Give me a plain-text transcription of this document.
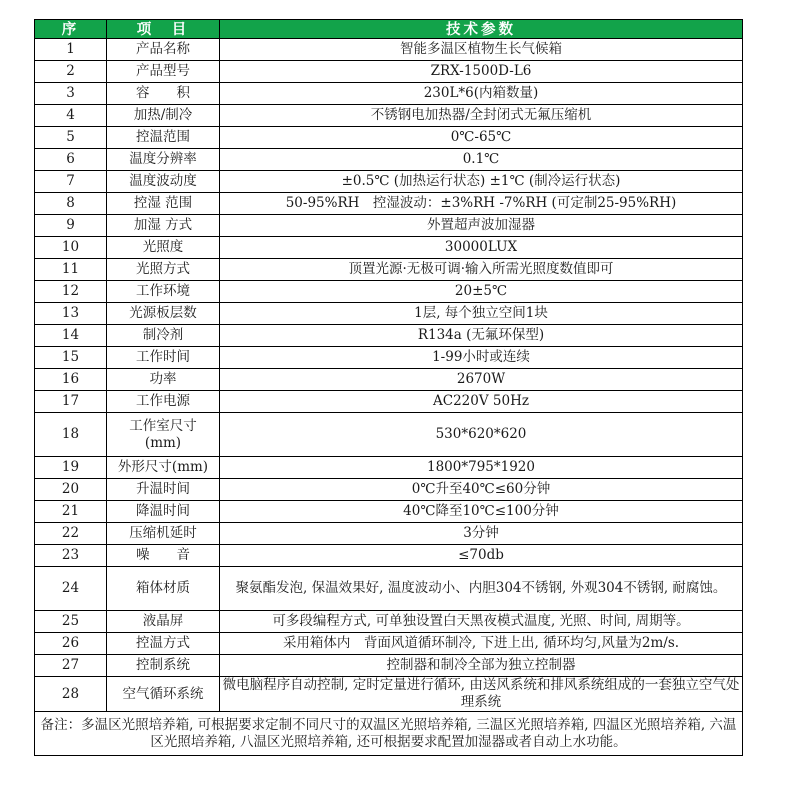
序	项　目	技术参数
1	产品名称	智能多温区植物生长气候箱
2	产品型号	ZRX-1500D-L6
3	容　　积	230L*6(内箱数量)
4	加热/制冷	不锈钢电加热器/全封闭式无氟压缩机
5	控温范围	0℃-65℃
6	温度分辨率	0.1℃
7	温度波动度	±0.5℃ (加热运行状态) ±1℃ (制冷运行状态)
8	控湿 范围	50-95%RH　控湿波动：±3%RH -7%RH (可定制25-95%RH)
9	加湿 方式	外置超声波加湿器
10	光照度	30000LUX
11	光照方式	顶置光源·无极可调·输入所需光照度数值即可
12	工作环境	20±5℃
13	光源板层数	1层, 每个独立空间1块
14	制冷剂	R134a (无氟环保型)
15	工作时间	1-99小时或连续
16	功率	2670W
17	工作电源	AC220V 50Hz
18	工作室尺寸
(mm)	530*620*620
19	外形尺寸(mm)	1800*795*1920
20	升温时间	0℃升至40℃≤60分钟
21	降温时间	40℃降至10℃≤100分钟
22	压缩机延时	3分钟
23	噪　　音	≤70db
24	箱体材质	聚氨酯发泡, 保温效果好, 温度波动小、内胆304不锈钢, 外观304不锈钢, 耐腐蚀。
25	液晶屏	可多段编程方式, 可单独设置白天黑夜模式温度, 光照、时间, 周期等。
26	控温方式	采用箱体内　背面风道循环制冷, 下进上出, 循环均匀,风量为2m/s.
27	控制系统	控制器和制冷全部为独立控制器
28	空气循环系统	微电脑程序自动控制, 定时定量进行循环, 由送风系统和排风系统组成的一套独立空气处理系统
备注：多温区光照培养箱, 可根据要求定制不同尺寸的双温区光照培养箱, 三温区光照培养箱, 四温区光照培养箱, 六温区光照培养箱, 八温区光照培养箱, 还可根据要求配置加湿器或者自动上水功能。		
